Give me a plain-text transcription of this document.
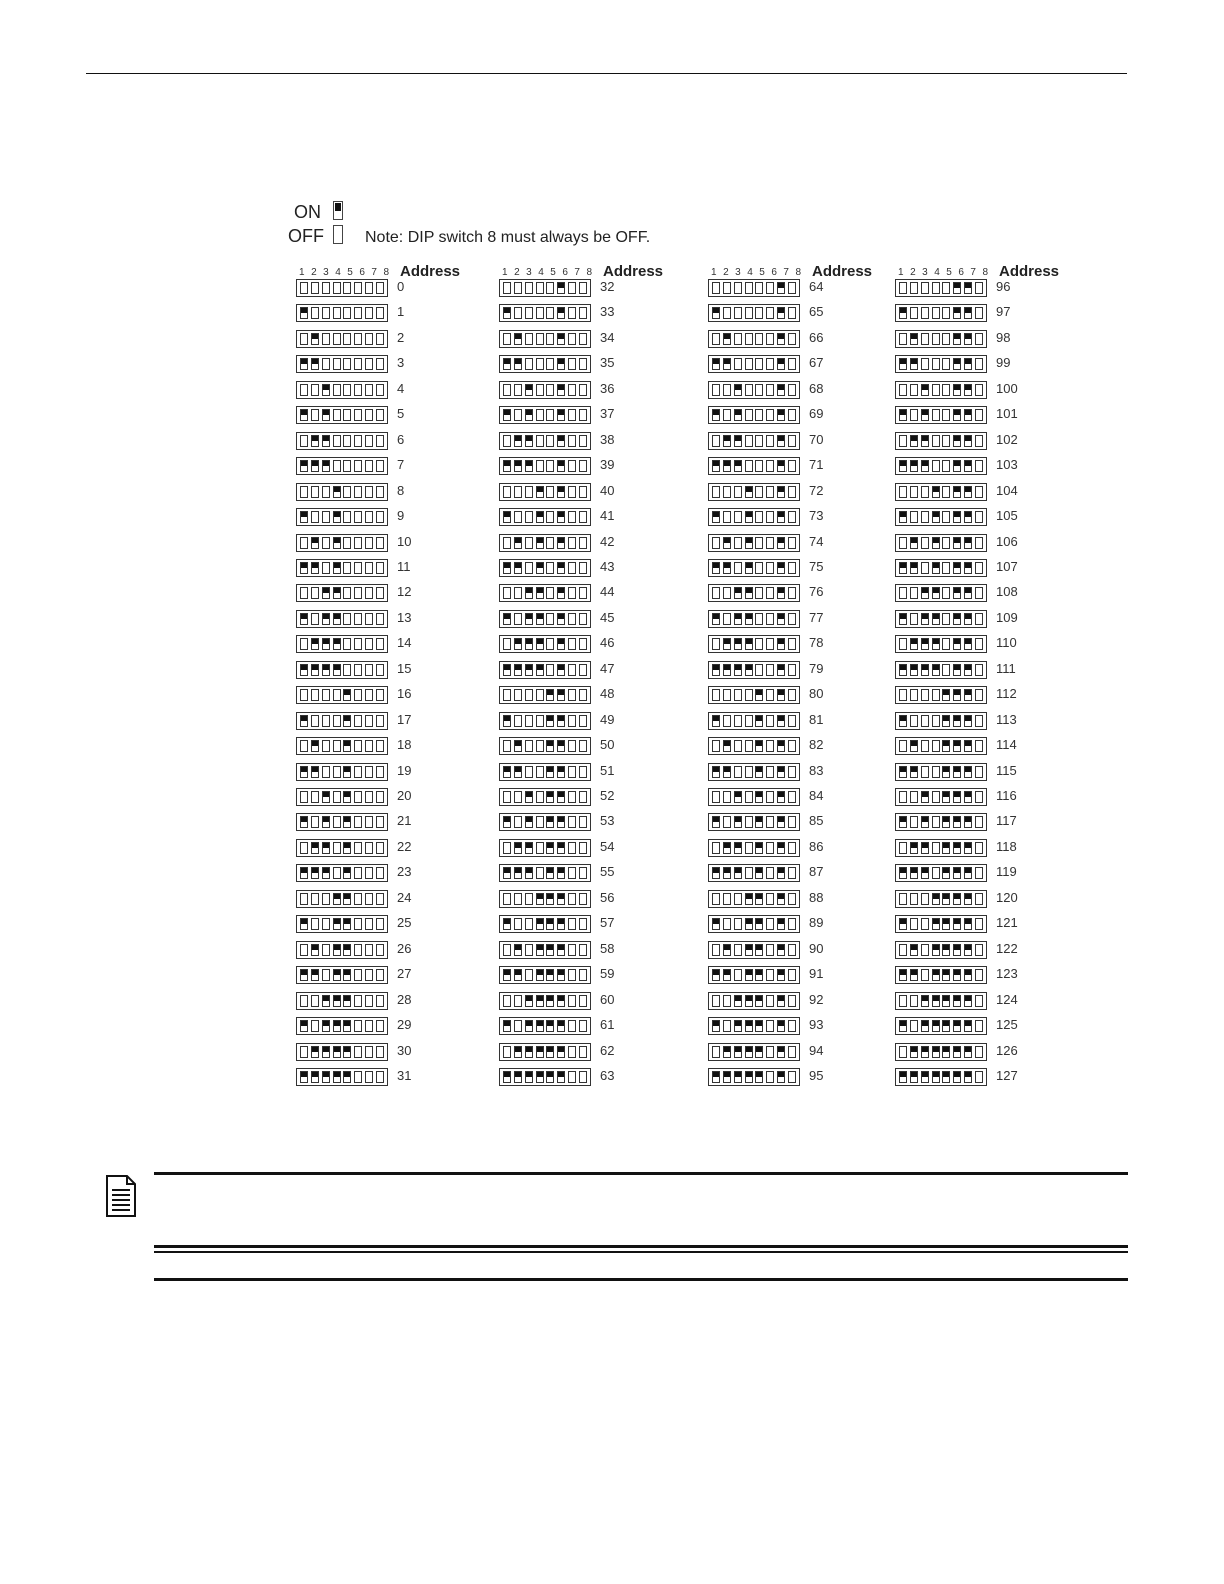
ON
OFF	Note: DIP switch 8 must always be OFF.
1 2 3 4 5 6 7 8 Address
0
1
2
3
4
5
6
7
8
9
10
11
12
13
14
15
16
17
18
19
20
21
22
23
24
25
26
27
28
29
30
31
1 2 3 4 5 6 7 8 Address
32
33
34
35
36
37
38
39
40
41
42
43
44
45
46
47
48
49
50
51
52
53
54
55
56
57
58
59
60
61
62
63
1 2 3 4 5 6 7 8 Address
64
65
66
67
68
69
70
71
72
73
74
75
76
77
78
79
80
81
82
83
84
85
86
87
88
89
90
91
92
93
94
95
1 2 3 4 5 6 7 8 Address
96
97
98
99
100
101
102
103
104
105
106
107
108
109
110
111
112
113
114
115
116
117
118
119
120
121
122
123
124
125
126
127
